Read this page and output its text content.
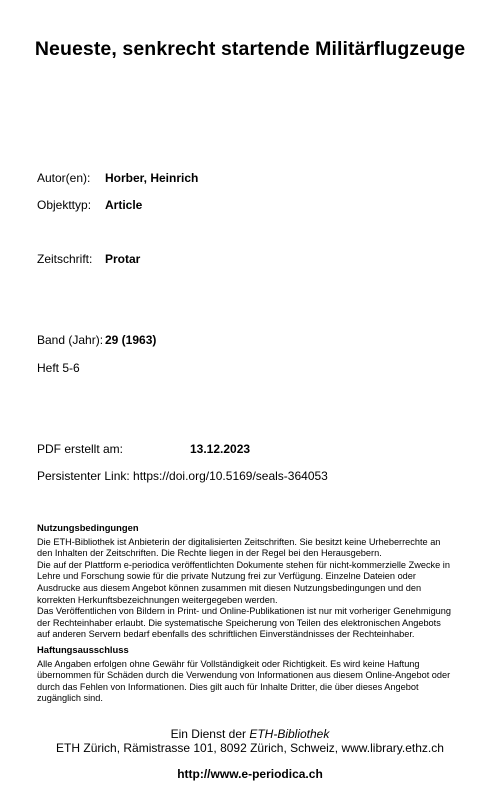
Neueste, senkrecht startende Militärflugzeuge
Autor(en): Horber, Heinrich
Objekttyp: Article
Zeitschrift: Protar
Band (Jahr): 29 (1963)
Heft 5-6
PDF erstellt am:	13.12.2023
Persistenter Link: https://doi.org/10.5169/seals-364053
Nutzungsbedingungen

Die ETH-Bibliothek ist Anbieterin der digitalisierten Zeitschriften. Sie besitzt keine Urheberrechte an
den Inhalten der Zeitschriften. Die Rechte liegen in der Regel bei den Herausgebern.
Die auf der Plattform e-periodica veröffentlichten Dokumente stehen für nicht-kommerzielle Zwecke in
Lehre und Forschung sowie für die private Nutzung frei zur Verfügung. Einzelne Dateien oder
Ausdrucke aus diesem Angebot können zusammen mit diesen Nutzungsbedingungen und den
korrekten Herkunftsbezeichnungen weitergegeben werden.
Das Veröffentlichen von Bildern in Print- und Online-Publikationen ist nur mit vorheriger Genehmigung
der Rechteinhaber erlaubt. Die systematische Speicherung von Teilen des elektronischen Angebots
auf anderen Servern bedarf ebenfalls des schriftlichen Einverständnisses der Rechteinhaber.

Haftungsausschluss

Alle Angaben erfolgen ohne Gewähr für Vollständigkeit oder Richtigkeit. Es wird keine Haftung
übernommen für Schäden durch die Verwendung von Informationen aus diesem Online-Angebot oder
durch das Fehlen von Informationen. Dies gilt auch für Inhalte Dritter, die über dieses Angebot
zugänglich sind.

Ein Dienst der ETH-Bibliothek
ETH Zürich, Rämistrasse 101, 8092 Zürich, Schweiz, www.library.ethz.ch
http://www.e-periodica.ch
